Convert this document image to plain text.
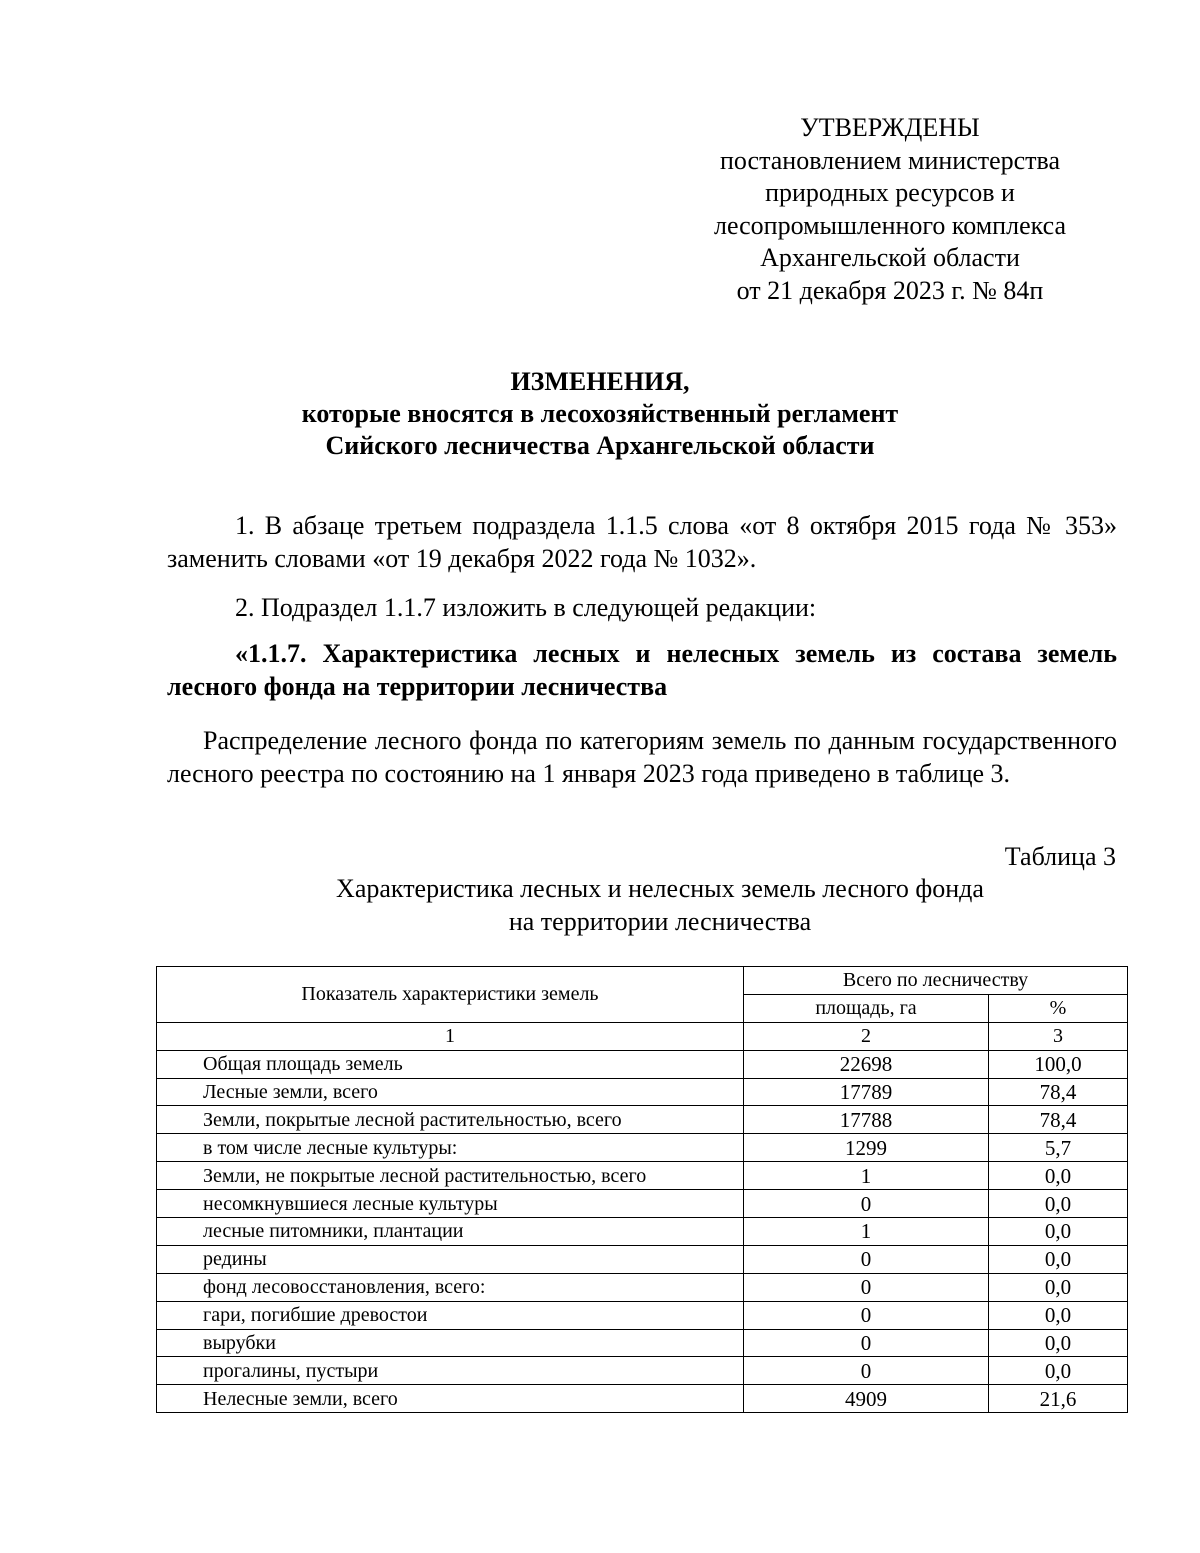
УТВЕРЖДЕНЫ
постановлением министерства
природных ресурсов и
лесопромышленного комплекса
Архангельской области
от 21 декабря 2023 г. № 84п
ИЗМЕНЕНИЯ,
которые вносятся в лесохозяйственный регламент
Сийского лесничества Архангельской области
1. В абзаце третьем подраздела 1.1.5 слова «от 8 октября 2015 года № 353» заменить словами «от 19 декабря 2022 года № 1032».
2. Подраздел 1.1.7 изложить в следующей редакции:
«1.1.7. Характеристика лесных и нелесных земель из состава земель лесного фонда на территории лесничества
Распределение лесного фонда по категориям земель по данным государственного лесного реестра по состоянию на 1 января 2023 года приведено в таблице 3.
Таблица 3
Характеристика лесных и нелесных земель лесного фонда
на территории лесничества
Показатель характеристики земель	Всего по лесничеству	
	площадь, га	%
1	2	3
Общая площадь земель	22698	100,0
Лесные земли, всего	17789	78,4
Земли, покрытые лесной растительностью, всего	17788	78,4
в том числе лесные культуры:	1299	5,7
Земли, не покрытые лесной растительностью, всего	1	0,0
несомкнувшиеся лесные культуры	0	0,0
лесные питомники, плантации	1	0,0
редины	0	0,0
фонд лесовосстановления, всего:	0	0,0
гари, погибшие древостои	0	0,0
вырубки	0	0,0
прогалины, пустыри	0	0,0
Нелесные земли, всего	4909	21,6
